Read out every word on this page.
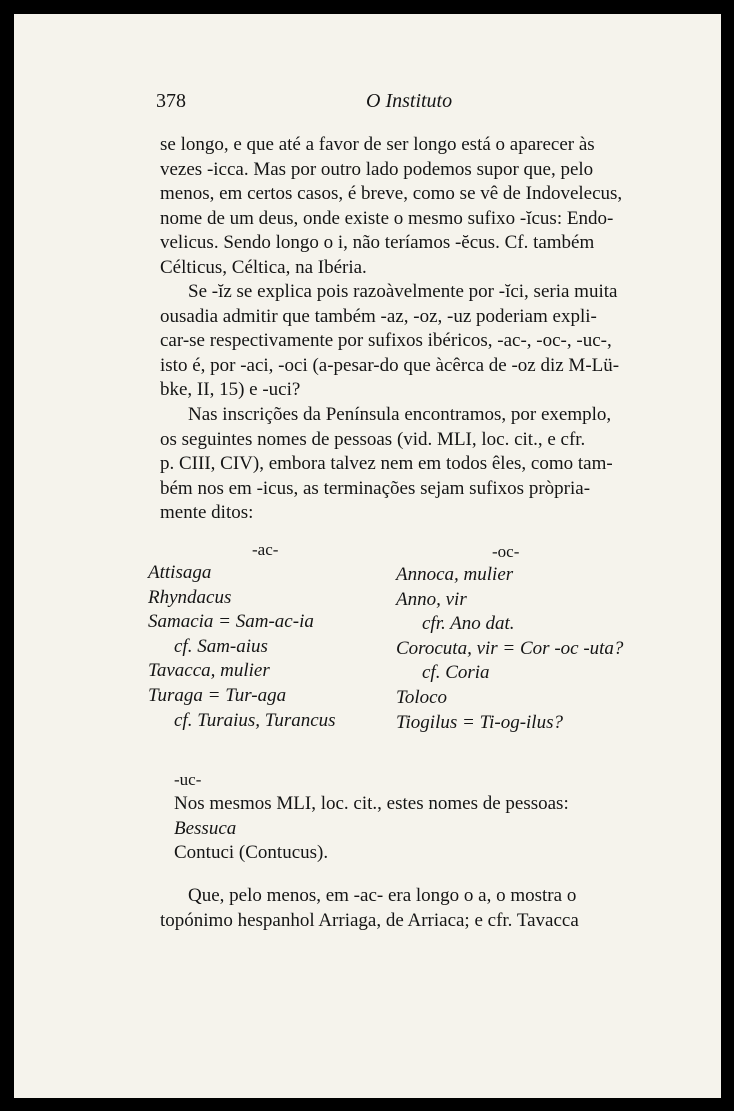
378	O Instituto

se longo, e que até a favor de ser longo está o aparecer às

vezes -icca. Mas por outro lado podemos supor que, pelo

menos, em certos casos, é breve, como se vê de Indovelecus,

nome de um deus, onde existe o mesmo sufixo -ĭcus: Endo-

velicus. Sendo longo o i, não teríamos -ĕcus. Cf. também

Célticus, Céltica, na Ibéria.

Se -ĭz se explica pois razoàvelmente por -ĭci, seria muita

ousadia admitir que também -az, -oz, -uz poderiam expli-

car-se respectivamente por sufixos ibéricos, -ac-, -oc-, -uc-,

isto é, por -aci, -oci (a-pesar-do que àcêrca de -oz diz M-Lü-

bke, II, 15) e -uci?

Nas inscrições da Península encontramos, por exemplo,

os seguintes nomes de pessoas (vid. MLI, loc. cit., e cfr.

p. CIII, CIV), embora talvez nem em todos êles, como tam-

bém nos em -icus, as terminações sejam sufixos pròpria-

mente ditos:

-ac-	-oc-
Attisaga
Rhyndacus
Samacia = Sam-ac-ia
cf. Sam-aius
Tavacca, mulier
Turaga = Tur-aga
cf. Turaius, Turancus
Annoca, mulier
Anno, vir
cfr. Ano dat.
Corocuta, vir = Cor -oc -uta?
cf. Coria
Toloco
Tiogilus = Ti-og-ilus?
-uc-
Nos mesmos MLI, loc. cit., estes nomes de pessoas:
Bessuca
Contuci (Contucus).

Que, pelo menos, em -ac- era longo o a, o mostra o

topónimo hespanhol Arriaga, de Arriaca; e cfr. Tavacca
